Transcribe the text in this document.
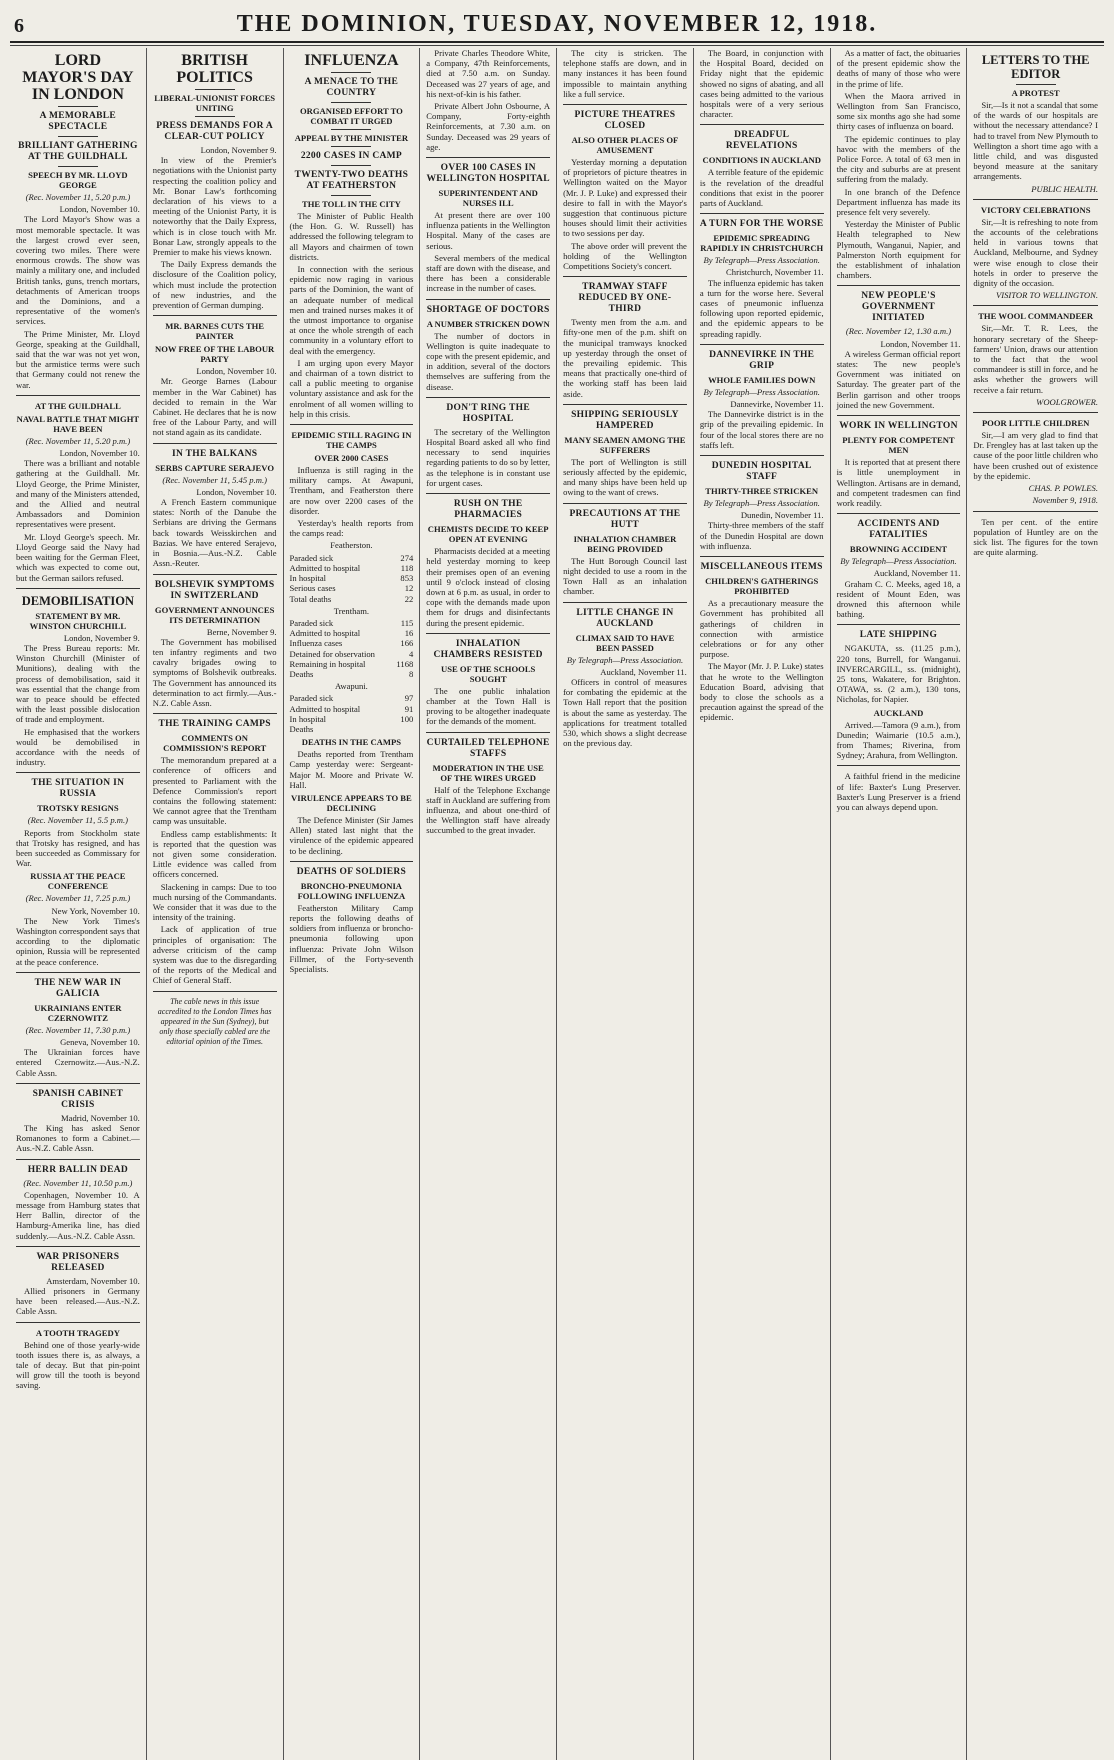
6	THE DOMINION, TUESDAY, NOVEMBER 12, 1918.
LORD MAYOR'S DAY IN LONDON
A MEMORABLE SPECTACLE
BRILLIANT GATHERING AT THE GUILDHALL
SPEECH BY MR. LLOYD GEORGE
(Rec. November 11, 5.20 p.m.)
London, November 10.

The Lord Mayor's Show was a most memorable spectacle. It was the largest crowd ever seen, covering two miles. There were enormous crowds. The show was mainly a military one, and included British tanks, guns, trench mortars, detachments of American troops and the Dominions, and a representative of the women's services.

The Prime Minister, Mr. Lloyd George, speaking at the Guildhall, said that the war was not yet won, but the armistice terms were such that Germany could not renew the war.

AT THE GUILDHALL
NAVAL BATTLE THAT MIGHT HAVE BEEN
(Rec. November 11, 5.20 p.m.)
London, November 10.

There was a brilliant and notable gathering at the Guildhall. Mr. Lloyd George, the Prime Minister, and many of the Ministers attended, and the Allied and neutral Ambassadors and Dominion representatives were present.

Mr. Lloyd George's speech. Mr. Lloyd George said the Navy had been waiting for the German Fleet, which was expected to come out, but the German sailors refused.

DEMOBILISATION
STATEMENT BY MR. WINSTON CHURCHILL
London, November 9.

The Press Bureau reports: Mr. Winston Churchill (Minister of Munitions), dealing with the process of demobilisation, said it was essential that the change from war to peace should be effected with the least possible dislocation of trade and employment.

He emphasised that the workers would be demobilised in accordance with the needs of industry.

THE SITUATION IN RUSSIA
TROTSKY RESIGNS
(Rec. November 11, 5.5 p.m.)

Reports from Stockholm state that Trotsky has resigned, and has been succeeded as Commissary for War.

RUSSIA AT THE PEACE CONFERENCE
(Rec. November 11, 7.25 p.m.)
New York, November 10.

The New York Times's Washington correspondent says that according to the diplomatic opinion, Russia will be represented at the peace conference.

THE NEW WAR IN GALICIA
UKRAINIANS ENTER CZERNOWITZ
(Rec. November 11, 7.30 p.m.)
Geneva, November 10.

The Ukrainian forces have entered Czernowitz.—Aus.-N.Z. Cable Assn.

SPANISH CABINET CRISIS
Madrid, November 10.

The King has asked Senor Romanones to form a Cabinet.—Aus.-N.Z. Cable Assn.

HERR BALLIN DEAD
(Rec. November 11, 10.50 p.m.)

Copenhagen, November 10. A message from Hamburg states that Herr Ballin, director of the Hamburg-Amerika line, has died suddenly.—Aus.-N.Z. Cable Assn.

WAR PRISONERS RELEASED
Amsterdam, November 10.

Allied prisoners in Germany have been released.—Aus.-N.Z. Cable Assn.

A TOOTH TRAGEDY

Behind one of those yearly-wide tooth issues there is, as always, a tale of decay. But that pin-point will grow till the tooth is beyond saving.

BRITISH POLITICS
LIBERAL-UNIONIST FORCES UNITING
PRESS DEMANDS FOR A CLEAR-CUT POLICY
London, November 9.

In view of the Premier's negotiations with the Unionist party respecting the coalition policy and Mr. Bonar Law's forthcoming declaration of his views to a meeting of the Unionist Party, it is noteworthy that the Daily Express, which is in close touch with Mr. Bonar Law, strongly appeals to the Premier to make his views known.

The Daily Express demands the disclosure of the Coalition policy, which must include the protection of new industries, and the prevention of German dumping.

MR. BARNES CUTS THE PAINTER
NOW FREE OF THE LABOUR PARTY
London, November 10.

Mr. George Barnes (Labour member in the War Cabinet) has decided to remain in the War Cabinet. He declares that he is now free of the Labour Party, and will not stand again as its candidate.

IN THE BALKANS
SERBS CAPTURE SERAJEVO
(Rec. November 11, 5.45 p.m.)
London, November 10.

A French Eastern communique states: North of the Danube the Serbians are driving the Germans back towards Weisskirchen and Bazias. We have entered Serajevo, in Bosnia.—Aus.-N.Z. Cable Assn.-Reuter.

BOLSHEVIK SYMPTOMS IN SWITZERLAND
GOVERNMENT ANNOUNCES ITS DETERMINATION
Berne, November 9.

The Government has mobilised ten infantry regiments and two cavalry brigades owing to symptoms of Bolshevik outbreaks. The Government has announced its determination to act firmly.—Aus.-N.Z. Cable Assn.

THE TRAINING CAMPS
COMMENTS ON COMMISSION'S REPORT

The memorandum prepared at a conference of officers and presented to Parliament with the Defence Commission's report contains the following statement: We cannot agree that the Trentham camp was unsuitable.

Endless camp establishments: It is reported that the question was not given some consideration. Little evidence was called from officers concerned.

Slackening in camps: Due to too much nursing of the Commandants. We consider that it was due to the intensity of the training.

Lack of application of true principles of organisation: The adverse criticism of the camp system was due to the disregarding of the reports of the Medical and Chief of General Staff.

The cable news in this issue accredited to the London Times has appeared in the Sun (Sydney), but only those specially cabled are the editorial opinion of the Times.

INFLUENZA
A MENACE TO THE COUNTRY
ORGANISED EFFORT TO COMBAT IT URGED
APPEAL BY THE MINISTER
2200 CASES IN CAMP
TWENTY-TWO DEATHS AT FEATHERSTON
THE TOLL IN THE CITY

The Minister of Public Health (the Hon. G. W. Russell) has addressed the following telegram to all Mayors and chairmen of town districts.

In connection with the serious epidemic now raging in various parts of the Dominion, the want of an adequate number of medical men and trained nurses makes it of the utmost importance to organise at once the whole strength of each community in a voluntary effort to deal with the emergency.

I am urging upon every Mayor and chairman of a town district to call a public meeting to organise voluntary assistance and ask for the enrolment of all women willing to help in this crisis.

EPIDEMIC STILL RAGING IN THE CAMPS
OVER 2000 CASES

Influenza is still raging in the military camps. At Awapuni, Trentham, and Featherston there are now over 2200 cases of the disorder.

Yesterday's health reports from the camps read:

Featherston.
Paraded sick	274
Admitted to hospital	118
In hospital	853
Serious cases	12
Total deaths	22
Trentham.
Paraded sick	115
Admitted to hospital	16
Influenza cases	166
Detained for observation	4
Remaining in hospital	1168
Deaths	8
Awapuni.
Paraded sick	97
Admitted to hospital	91
In hospital	100
Deaths
DEATHS IN THE CAMPS

Deaths reported from Trentham Camp yesterday were: Sergeant-Major M. Moore and Private W. Hall.

VIRULENCE APPEARS TO BE DECLINING

The Defence Minister (Sir James Allen) stated last night that the virulence of the epidemic appeared to be declining.

DEATHS OF SOLDIERS
BRONCHO-PNEUMONIA FOLLOWING INFLUENZA

Featherston Military Camp reports the following deaths of soldiers from influenza or broncho-pneumonia following upon influenza: Private John Wilson Fillmer, of the Forty-seventh Specialists.

Private Charles Theodore White, a Company, 47th Reinforcements, died at 7.50 a.m. on Sunday. Deceased was 27 years of age, and his next-of-kin is his father.

Private Albert John Osbourne, A Company, Forty-eighth Reinforcements, at 7.30 a.m. on Sunday. Deceased was 29 years of age.

OVER 100 CASES IN WELLINGTON HOSPITAL
SUPERINTENDENT AND NURSES ILL

At present there are over 100 influenza patients in the Wellington Hospital. Many of the cases are serious.

Several members of the medical staff are down with the disease, and there has been a considerable increase in the number of cases.

SHORTAGE OF DOCTORS
A NUMBER STRICKEN DOWN

The number of doctors in Wellington is quite inadequate to cope with the present epidemic, and in addition, several of the doctors themselves are suffering from the disease.

DON'T RING THE HOSPITAL

The secretary of the Wellington Hospital Board asked all who find necessary to send inquiries regarding patients to do so by letter, as the telephone is in constant use for urgent cases.

RUSH ON THE PHARMACIES
CHEMISTS DECIDE TO KEEP OPEN AT EVENING

Pharmacists decided at a meeting held yesterday morning to keep their premises open of an evening until 9 o'clock instead of closing down at 6 p.m. as usual, in order to cope with the demands made upon them for drugs and disinfectants during the present epidemic.

INHALATION CHAMBERS RESISTED
USE OF THE SCHOOLS SOUGHT

The one public inhalation chamber at the Town Hall is proving to be altogether inadequate for the demands of the moment.

CURTAILED TELEPHONE STAFFS
MODERATION IN THE USE OF THE WIRES URGED

Half of the Telephone Exchange staff in Auckland are suffering from influenza, and about one-third of the Wellington staff have already succumbed to the great invader.

The city is stricken. The telephone staffs are down, and in many instances it has been found impossible to maintain anything like a full service.

PICTURE THEATRES CLOSED
ALSO OTHER PLACES OF AMUSEMENT

Yesterday morning a deputation of proprietors of picture theatres in Wellington waited on the Mayor (Mr. J. P. Luke) and expressed their desire to fall in with the Mayor's suggestion that continuous picture houses should limit their activities to two sessions per day.

The above order will prevent the holding of the Wellington Competitions Society's concert.

TRAMWAY STAFF REDUCED BY ONE-THIRD

Twenty men from the a.m. and fifty-one men of the p.m. shift on the municipal tramways knocked up yesterday through the onset of the prevailing epidemic. This means that practically one-third of the working staff has been laid aside.

SHIPPING SERIOUSLY HAMPERED
MANY SEAMEN AMONG THE SUFFERERS

The port of Wellington is still seriously affected by the epidemic, and many ships have been held up owing to the want of crews.

PRECAUTIONS AT THE HUTT
INHALATION CHAMBER BEING PROVIDED

The Hutt Borough Council last night decided to use a room in the Town Hall as an inhalation chamber.

LITTLE CHANGE IN AUCKLAND
CLIMAX SAID TO HAVE BEEN PASSED
By Telegraph—Press Association.
Auckland, November 11.

Officers in control of measures for combating the epidemic at the Town Hall report that the position is about the same as yesterday. The applications for treatment totalled 530, which shows a slight decrease on the previous day.

The Board, in conjunction with the Hospital Board, decided on Friday night that the epidemic showed no signs of abating, and all cases being admitted to the various hospitals were of a very serious character.

DREADFUL REVELATIONS
CONDITIONS IN AUCKLAND

A terrible feature of the epidemic is the revelation of the dreadful conditions that exist in the poorer parts of Auckland.

A TURN FOR THE WORSE
EPIDEMIC SPREADING RAPIDLY IN CHRISTCHURCH
By Telegraph—Press Association.
Christchurch, November 11.

The influenza epidemic has taken a turn for the worse here. Several cases of pneumonic influenza following upon reported epidemic, and the epidemic appears to be spreading rapidly.

DANNEVIRKE IN THE GRIP
WHOLE FAMILIES DOWN
By Telegraph—Press Association.
Dannevirke, November 11.

The Dannevirke district is in the grip of the prevailing epidemic. In four of the local stores there are no staffs left.

DUNEDIN HOSPITAL STAFF
THIRTY-THREE STRICKEN
By Telegraph—Press Association.
Dunedin, November 11.

Thirty-three members of the staff of the Dunedin Hospital are down with influenza.

MISCELLANEOUS ITEMS
CHILDREN'S GATHERINGS PROHIBITED

As a precautionary measure the Government has prohibited all gatherings of children in connection with armistice celebrations or for any other purpose.

The Mayor (Mr. J. P. Luke) states that he wrote to the Wellington Education Board, advising that body to close the schools as a precaution against the spread of the epidemic.

As a matter of fact, the obituaries of the present epidemic show the deaths of many of those who were in the prime of life.

When the Maora arrived in Wellington from San Francisco, some six months ago she had some thirty cases of influenza on board.

The epidemic continues to play havoc with the members of the Police Force. A total of 63 men in the city and suburbs are at present suffering from the malady.

In one branch of the Defence Department influenza has made its presence felt very severely.

Yesterday the Minister of Public Health telegraphed to New Plymouth, Wanganui, Napier, and Palmerston North equipment for the establishment of inhalation chambers.

NEW PEOPLE'S GOVERNMENT INITIATED
(Rec. November 12, 1.30 a.m.)
London, November 11.

A wireless German official report states: The new people's Government was initiated on Saturday. The greater part of the Berlin garrison and other troops joined the new Government.

WORK IN WELLINGTON
PLENTY FOR COMPETENT MEN

It is reported that at present there is little unemployment in Wellington. Artisans are in demand, and competent tradesmen can find work readily.

ACCIDENTS AND FATALITIES
BROWNING ACCIDENT
By Telegraph—Press Association.
Auckland, November 11.

Graham C. C. Meeks, aged 18, a resident of Mount Eden, was drowned this afternoon while bathing.

LATE SHIPPING

NGAKUTA, ss. (11.25 p.m.), 220 tons, Burrell, for Wanganui. INVERCARGILL, ss. (midnight), 25 tons, Wakatere, for Brighton. OTAWA, ss. (2 a.m.), 130 tons, Nicholas, for Napier.

AUCKLAND

Arrived.—Tamora (9 a.m.), from Dunedin; Waimarie (10.5 a.m.), from Thames; Riverina, from Sydney; Arahura, from Wellington.

A faithful friend in the medicine of life: Baxter's Lung Preserver. Baxter's Lung Preserver is a friend you can always depend upon.

LETTERS TO THE EDITOR
A PROTEST

Sir,—Is it not a scandal that some of the wards of our hospitals are without the necessary attendance? I had to travel from New Plymouth to Wellington a short time ago with a little child, and was disgusted beyond measure at the sanitary arrangements.

PUBLIC HEALTH.
VICTORY CELEBRATIONS

Sir,—It is refreshing to note from the accounts of the celebrations held in various towns that Auckland, Melbourne, and Sydney were wise enough to close their hotels in order to preserve the dignity of the occasion.

VISITOR TO WELLINGTON.
THE WOOL COMMANDEER

Sir,—Mr. T. R. Lees, the honorary secretary of the Sheep-farmers' Union, draws our attention to the fact that the wool commandeer is still in force, and he asks whether the growers will receive a fair return.

WOOLGROWER.
POOR LITTLE CHILDREN

Sir,—I am very glad to find that Dr. Frengley has at last taken up the cause of the poor little children who have been crushed out of existence by the epidemic.

CHAS. P. POWLES.
November 9, 1918.

Ten per cent. of the entire population of Huntley are on the sick list. The figures for the town are quite alarming.
